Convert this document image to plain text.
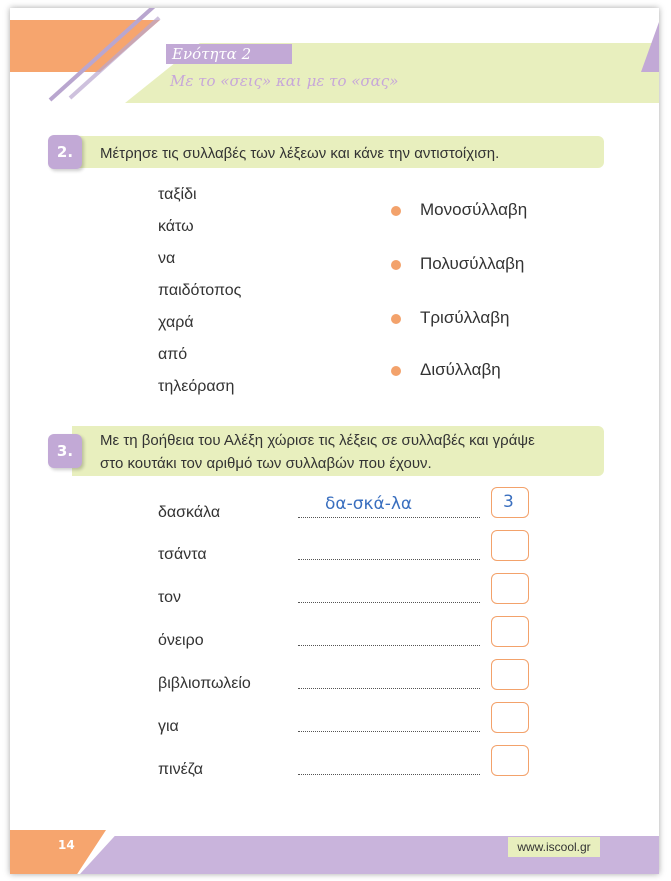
Ενότητα 2
Με το «σεις» και με το «σας»
2.	Μέτρησε τις συλλαβές των λέξεων και κάνε την αντιστοίχιση.
ταξίδι
κάτω
να
παιδότοπος
χαρά
από
τηλεόραση
Μονοσύλλαβη
Πολυσύλλαβη
Τρισύλλαβη
Δισύλλαβη
3.
Με τη βοήθεια του Αλέξη χώρισε τις λέξεις σε συλλαβές και γράψε
στο κουτάκι τον αριθμό των συλλαβών που έχουν.
δασκάλα	δα-σκά-λα	3
τσάντα
τον
όνειρο
βιβλιοπωλείο
για
πινέζα
14	www.iscool.gr
